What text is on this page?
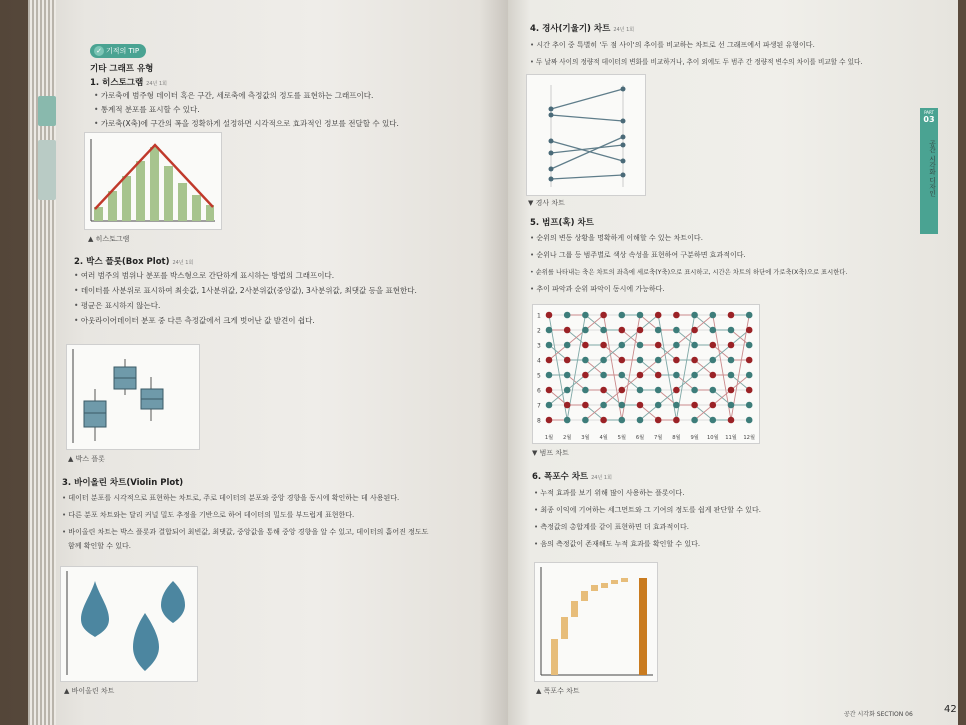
✓ 기적의 TIP
기타 그래프 유형
1. 히스토그램 24년 1회
• 가로축에 범주형 데이터 혹은 구간, 세로축에 측정값의 정도를 표현하는 그래프이다.
• 통계적 분포를 표시할 수 있다.
• 가로축(X축)에 구간의 폭을 정확하게 설정하면 시각적으로 효과적인 정보를 전달할 수 있다.
▲ 히스토그램
2. 박스 플롯(Box Plot) 24년 1회
• 여러 범주의 범위나 분포를 박스형으로 간단하게 표시하는 방법의 그래프이다.
• 데이터를 사분위로 표시하여 최솟값, 1사분위값, 2사분위값(중앙값), 3사분위값, 최댓값 등을 표현한다.
• 평균은 표시하지 않는다.
• 아웃라이어데이터 분포 중 다른 측정값에서 크게 벗어난 값 발견이 쉽다.
▲ 박스 플롯
3. 바이올린 차트(Violin Plot)
• 데이터 분포를 시각적으로 표현하는 차트로, 주로 데이터의 분포와 중앙 경향을 동시에 확인하는 데 사용된다.
• 다른 분포 차트와는 달리 커널 밀도 추정을 기반으로 하여 데이터의 밀도를 부드럽게 표현한다.
• 바이올린 차트는 박스 플롯과 결합되어 최빈값, 최댓값, 중앙값을 통해 중앙 경향을 알 수 있고, 데이터의 흩어진 정도도
함께 확인할 수 있다.
▲ 바이올린 차트
4. 경사(기울기) 차트 24년 1회
• 시간 추이 중 특별히 '두 점 사이'의 추이를 비교하는 차트로 선 그래프에서 파생된 유형이다.
• 두 날짜 사이의 정량적 데이터의 변화를 비교하거나, 추이 외에도 두 범주 간 정량적 변수의 차이를 비교할 수 있다.
▼ 경사 차트
5. 범프(혹) 차트
• 순위의 변동 상황을 명확하게 이해할 수 있는 차트이다.
• 순위나 그룹 등 범주별로 색상 속성을 표현하여 구분하면 효과적이다.
• 순위를 나타내는 축은 차트의 좌측에 세로축(Y축)으로 표시하고, 시간은 차트의 하단에 가로축(X축)으로 표시한다.
• 추이 파악과 순위 파악이 동시에 가능하다.
1
2
3
4
5
6
7
8
1월 2월 3월 4월 5월 6월 7월 8월 9월 10월 11월 12월
▼ 범프 차트
6. 폭포수 차트 24년 1회
• 누적 효과를 보기 위해 많이 사용하는 플롯이다.
• 최종 이익에 기여하는 세그먼트와 그 기여의 정도를 쉽게 판단할 수 있다.
• 측정값의 총합계를 같이 표현하면 더 효과적이다.
• 음의 측정값이 존재해도 누적 효과를 확인할 수 있다.
▲ 폭포수 차트
PART
03
공간 시각화 디자인
공간 시각화 SECTION 06	42
